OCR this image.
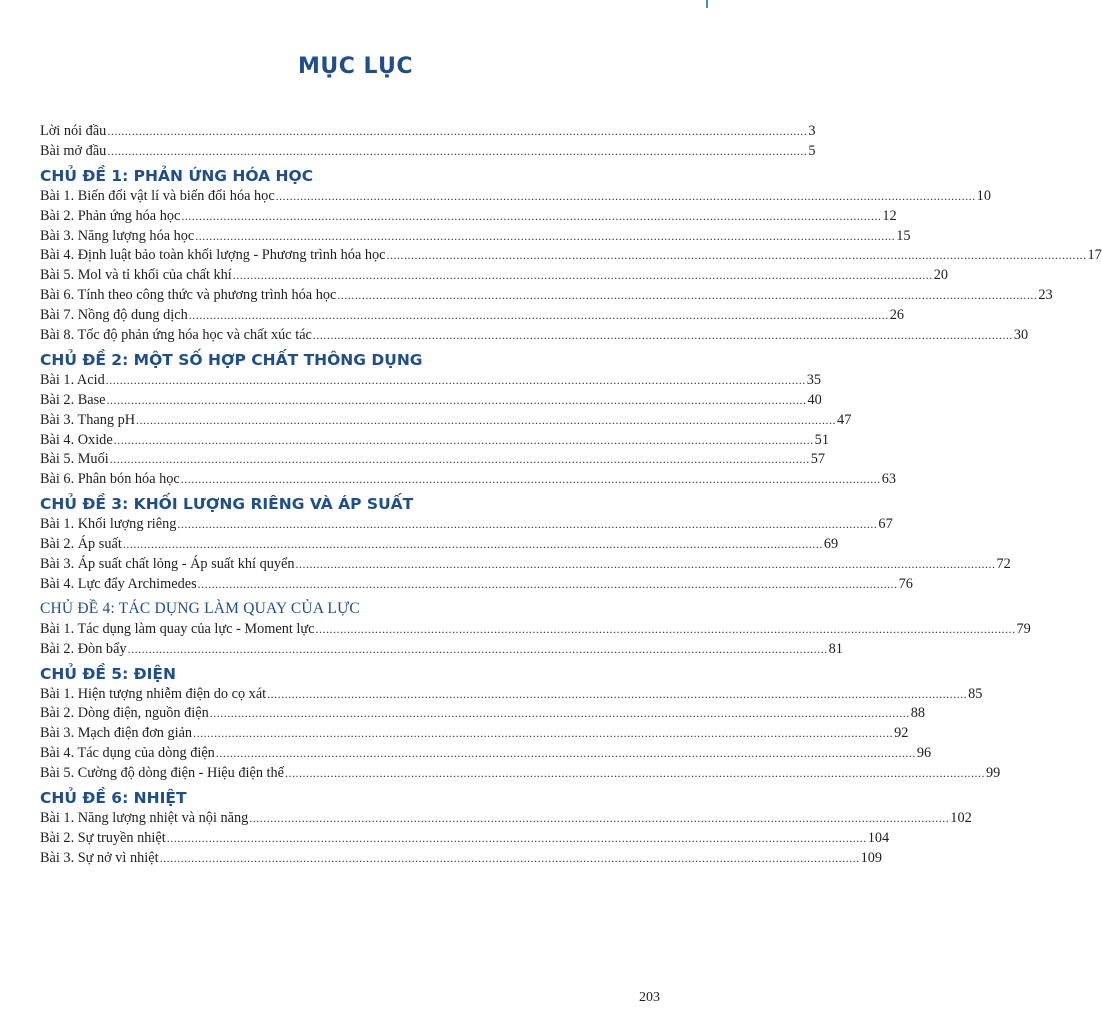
MỤC LỤC
Lời nói đầu ........................................................................................................................................................................................................ 3
Bài mở đầu ........................................................................................................................................................................................................ 5
CHỦ ĐỀ 1: PHẢN ỨNG HÓA HỌC
Bài 1. Biến đổi vật lí và biến đổi hóa học ........................................................................................................................................................................................................ 10
Bài 2. Phản ứng hóa học ........................................................................................................................................................................................................ 12
Bài 3. Năng lượng hóa học ........................................................................................................................................................................................................ 15
Bài 4. Định luật bảo toàn khối lượng - Phương trình hóa học ........................................................................................................................................................................................................ 17
Bài 5. Mol và tỉ khối của chất khí ........................................................................................................................................................................................................ 20
Bài 6. Tính theo công thức và phương trình hóa học ........................................................................................................................................................................................................ 23
Bài 7. Nồng độ dung dịch ........................................................................................................................................................................................................ 26
Bài 8. Tốc độ phản ứng hóa học và chất xúc tác ........................................................................................................................................................................................................ 30
CHỦ ĐỀ 2: MỘT SỐ HỢP CHẤT THÔNG DỤNG
Bài 1. Acid ........................................................................................................................................................................................................ 35
Bài 2. Base ........................................................................................................................................................................................................ 40
Bài 3. Thang pH ........................................................................................................................................................................................................ 47
Bài 4. Oxide ........................................................................................................................................................................................................ 51
Bài 5. Muối ........................................................................................................................................................................................................ 57
Bài 6. Phân bón hóa học ........................................................................................................................................................................................................ 63
CHỦ ĐỀ 3: KHỐI LƯỢNG RIÊNG VÀ ÁP SUẤT
Bài 1. Khối lượng riêng ........................................................................................................................................................................................................ 67
Bài 2. Áp suất ........................................................................................................................................................................................................ 69
Bài 3. Áp suất chất lỏng - Áp suất khí quyển ........................................................................................................................................................................................................ 72
Bài 4. Lực đẩy Archimedes ........................................................................................................................................................................................................ 76
CHỦ ĐỀ 4: TÁC DỤNG LÀM QUAY CỦA LỰC
Bài 1. Tác dụng làm quay của lực - Moment lực ........................................................................................................................................................................................................ 79
Bài 2. Đòn bẩy ........................................................................................................................................................................................................ 81
CHỦ ĐỀ 5: ĐIỆN
Bài 1. Hiện tượng nhiễm điện do cọ xát ........................................................................................................................................................................................................ 85
Bài 2. Dòng điện, nguồn điện ........................................................................................................................................................................................................ 88
Bài 3. Mạch điện đơn giản ........................................................................................................................................................................................................ 92
Bài 4. Tác dụng của dòng điện ........................................................................................................................................................................................................ 96
Bài 5. Cường độ dòng điện - Hiệu điện thế ........................................................................................................................................................................................................ 99
CHỦ ĐỀ 6: NHIỆT
Bài 1. Năng lượng nhiệt và nội năng ........................................................................................................................................................................................................ 102
Bài 2. Sự truyền nhiệt ........................................................................................................................................................................................................ 104
Bài 3. Sự nở vì nhiệt ........................................................................................................................................................................................................ 109
203
